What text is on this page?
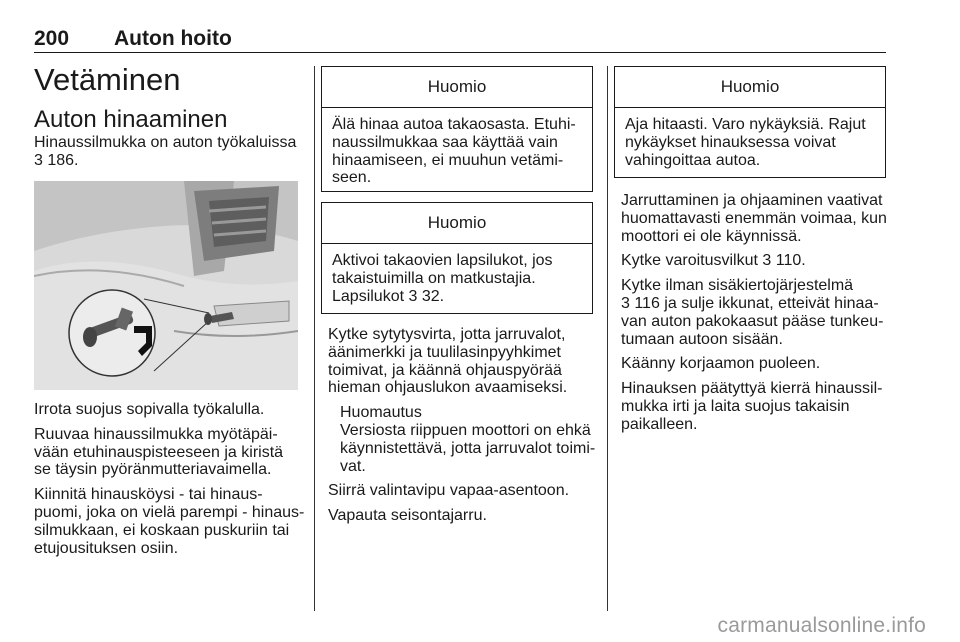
200 Auton hoito
Vetäminen
Auton hinaaminen
Hinaussilmukka on auton työkaluissa
3 186.

Irrota suojus sopivalla työkalulla.

Ruuvaa hinaussilmukka myötäpäi-
vään etuhinauspisteeseen ja kiristä
se täysin pyöränmutteriavaimella.

Kiinnitä hinausköysi - tai hinaus-
puomi, joka on vielä parempi - hinaus-
silmukkaan, ei koskaan puskuriin tai
etujousituksen osiin.

Huomio
Älä hinaa autoa takaosasta. Etuhi-
naussilmukkaa saa käyttää vain
hinaamiseen, ei muuhun vetämi-
seen.
Huomio
Aktivoi takaovien lapsilukot, jos
takaistuimilla on matkustajia.
Lapsilukot 3 32.

Kytke sytytysvirta, jotta jarruvalot,
äänimerkki ja tuulilasinpyyhkimet
toimivat, ja käännä ohjauspyörää
hieman ohjauslukon avaamiseksi.

Huomautus
Versiosta riippuen moottori on ehkä
käynnistettävä, jotta jarruvalot toimi-
vat.

Siirrä valintavipu vapaa-asentoon.

Vapauta seisontajarru.

Huomio
Aja hitaasti. Varo nykäyksiä. Rajut
nykäykset hinauksessa voivat
vahingoittaa autoa.

Jarruttaminen ja ohjaaminen vaativat
huomattavasti enemmän voimaa, kun
moottori ei ole käynnissä.

Kytke varoitusvilkut 3 110.

Kytke ilman sisäkiertojärjestelmä
3 116 ja sulje ikkunat, etteivät hinaa-
van auton pakokaasut pääse tunkeu-
tumaan autoon sisään.

Käänny korjaamon puoleen.

Hinauksen päätyttyä kierrä hinaussil-
mukka irti ja laita suojus takaisin
paikalleen.

carmanualsonline.info
